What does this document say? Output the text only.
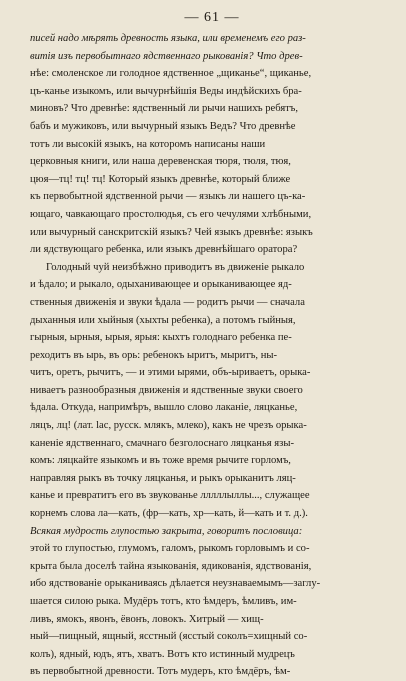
— 61 —
писей надо мѣрять древность языка, или временемъ его раз-
витія изъ первобытнаго ядственнаго рыкованія? Что древ-
нѣе: смоленское ли голодное ядственное „щиканье“, щиканье,
цъ-канье изыкомъ, или вычурнѣйшія Веды индѣйскихъ бра-
миновъ? Что древнѣе: ядственный ли рычи нашихъ ребятъ,
бабъ и мужиковъ, или вычурный языкъ Ведъ? Что древнѣе
тотъ ли высокій языкъ, на которомъ написаны наши
церковныя книги, или наша деревенская тюря, тюля, тюя,
цюя—тц! тц! тц! Который языкъ древнѣе, который ближе
къ первобытной ядственной рычи — языкъ ли нашего цъ-ка-
ющаго, чавкающаго простолюдья, съ его чечулями хлѣбными,
или вычурный санскритскій языкъ? Чей языкъ древнѣе: языкъ
ли ядствующаго ребенка, или языкъ древнѣйшаго оратора?
Голодный чуй неизбѣжно приводитъ въ движеніе рыкало
и ѣдало; и рыкало, одыханивающее и орыканивающее яд-
ственныя движенія и звуки ѣдала — родитъ рычи — сначала
дыханныя или хыйныя (хыхты ребенка), а потомъ гыйныя,
гырныя, ырныя, ырыя, ярыя: кыхтъ голоднаго ребенка пе-
реходитъ въ ырь, въ орь: ребенокъ ыритъ, мыритъ, ны-
читъ, оретъ, рычитъ, — и этими ырями, объ-ыриваетъ, орыка-
ниваетъ разнообразныя движенія и ядственные звуки своего
ѣдала. Откуда, напримѣръ, вышло слово лаканіе, ляцканье,
ляцъ, лц! (лат. lac, русск. млякъ, млеко), какъ не чрезъ орыка-
каненіе ядственнаго, смачнаго безголоснаго ляцканья язы-
комъ: ляцкайте языкомъ и въ тоже время рычите горломъ,
направляя рыкъ въ точку ляцканья, и рыкъ орыканитъ ляц-
канье и превратитъ его въ звукованье лллллыллы..., служащее
корнемъ слова ла—кать, (фр—кать, хр—кать, й—кать и т. д.).
Всякая мудрость глупостью закрыта, говоритъ пословица:
этой то глупостью, глумомъ, галомъ, рыкомъ горловымъ и со-
крыта была доселѣ тайна языкованія, ядикованія, ядствованія,
ибо ядствованіе орыканиваясь дѣлается неузнаваемымъ—заглу-
шается силою рыка. Мудёръ тотъ, кто ѣмдеръ, ѣмливъ, им-
ливъ, ямокъ, явонъ, ёвонъ, ловокъ. Хитрый — хищ-
ный—пищный, ящный, ясстный (ясстый соколъ=хищный со-
колъ), ядный, юдъ, ятъ, хватъ. Вотъ кто истинный мудрецъ
въ первобытной древности. Тотъ мудеръ, кто ѣмдёръ, ѣм-
